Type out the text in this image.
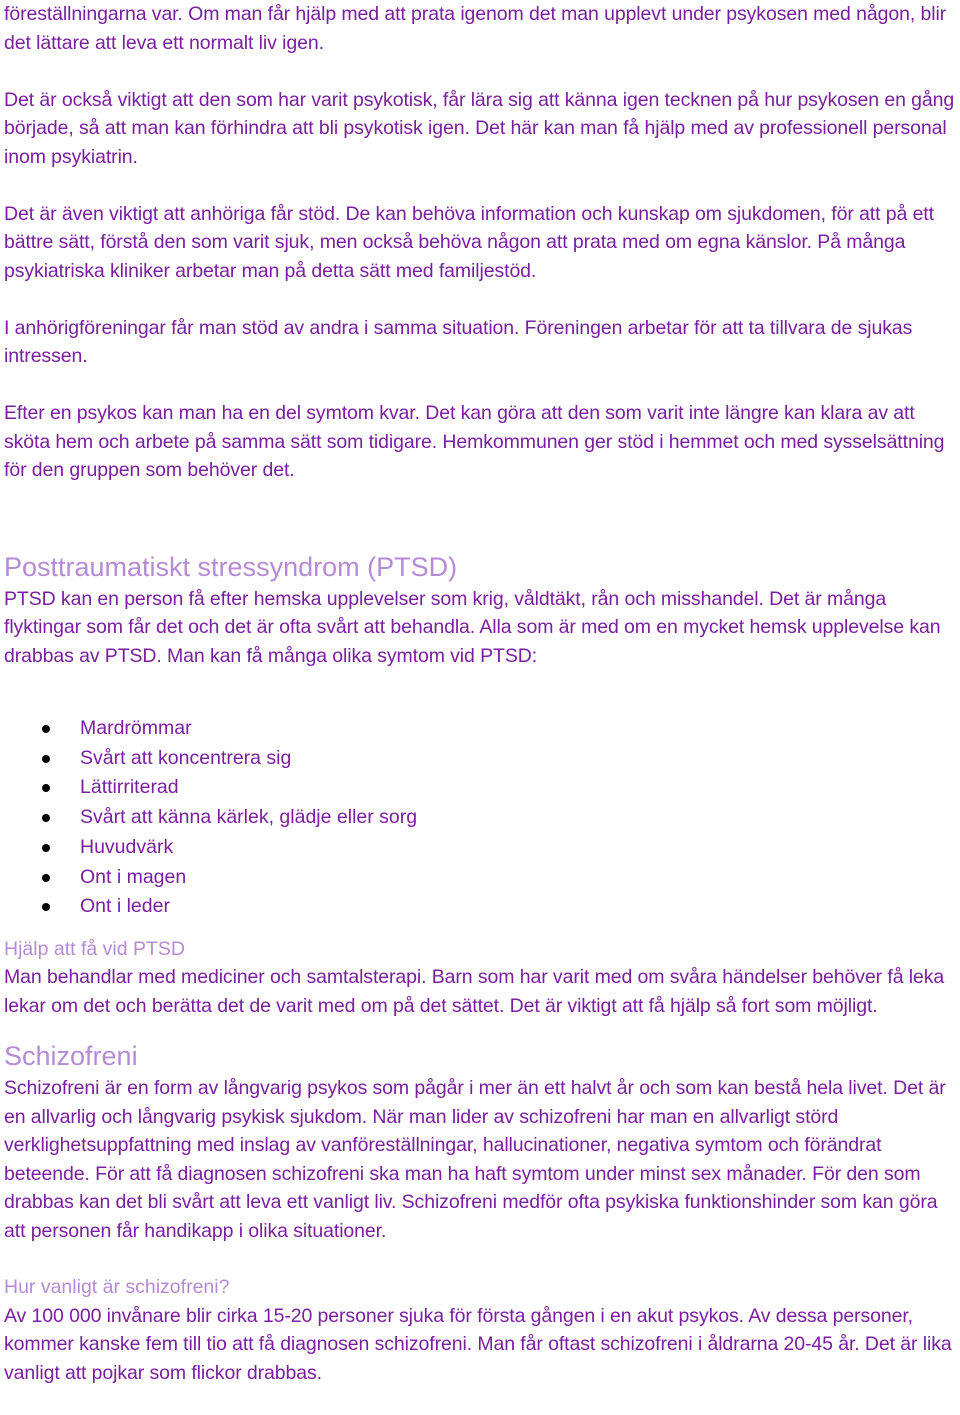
föreställningarna var. Om man får hjälp med att prata igenom det man upplevt under psykosen med någon, blir det lättare att leva ett normalt liv igen.

Det är också viktigt att den som har varit psykotisk, får lära sig att känna igen tecknen på hur psykosen en gång började, så att man kan förhindra att bli psykotisk igen. Det här kan man få hjälp med av professionell personal inom psykiatrin.

Det är även viktigt att anhöriga får stöd. De kan behöva information och kunskap om sjukdomen, för att på ett bättre sätt, förstå den som varit sjuk, men också behöva någon att prata med om egna känslor. På många psykiatriska kliniker arbetar man på detta sätt med familjestöd.

I anhörigföreningar får man stöd av andra i samma situation. Föreningen arbetar för att ta tillvara de sjukas intressen.

Efter en psykos kan man ha en del symtom kvar. Det kan göra att den som varit inte längre kan klara av att sköta hem och arbete på samma sätt som tidigare. Hemkommunen ger stöd i hemmet och med sysselsättning för den gruppen som behöver det.

Posttraumatiskt stressyndrom (PTSD)

PTSD kan en person få efter hemska upplevelser som krig, våldtäkt, rån och misshandel. Det är många flyktingar som får det och det är ofta svårt att behandla. Alla som är med om en mycket hemsk upplevelse kan drabbas av PTSD. Man kan få många olika symtom vid PTSD:

Mardrömmar
Svårt att koncentrera sig
Lättirriterad
Svårt att känna kärlek, glädje eller sorg
Huvudvärk
Ont i magen
Ont i leder
Hjälp att få vid PTSD

Man behandlar med mediciner och samtalsterapi. Barn som har varit med om svåra händelser behöver få leka lekar om det och berätta det de varit med om på det sättet. Det är viktigt att få hjälp så fort som möjligt.

Schizofreni

Schizofreni är en form av långvarig psykos som pågår i mer än ett halvt år och som kan bestå hela livet. Det är en allvarlig och långvarig psykisk sjukdom. När man lider av schizofreni har man en allvarligt störd verklighetsuppfattning med inslag av vanföreställningar, hallucinationer, negativa symtom och förändrat beteende. För att få diagnosen schizofreni ska man ha haft symtom under minst sex månader. För den som drabbas kan det bli svårt att leva ett vanligt liv. Schizofreni medför ofta psykiska funktionshinder som kan göra att personen får handikapp i olika situationer.

Hur vanligt är schizofreni?

Av 100 000 invånare blir cirka 15-20 personer sjuka för första gången i en akut psykos. Av dessa personer, kommer kanske fem till tio att få diagnosen schizofreni. Man får oftast schizofreni i åldrarna 20-45 år. Det är lika vanligt att pojkar som flickor drabbas.
